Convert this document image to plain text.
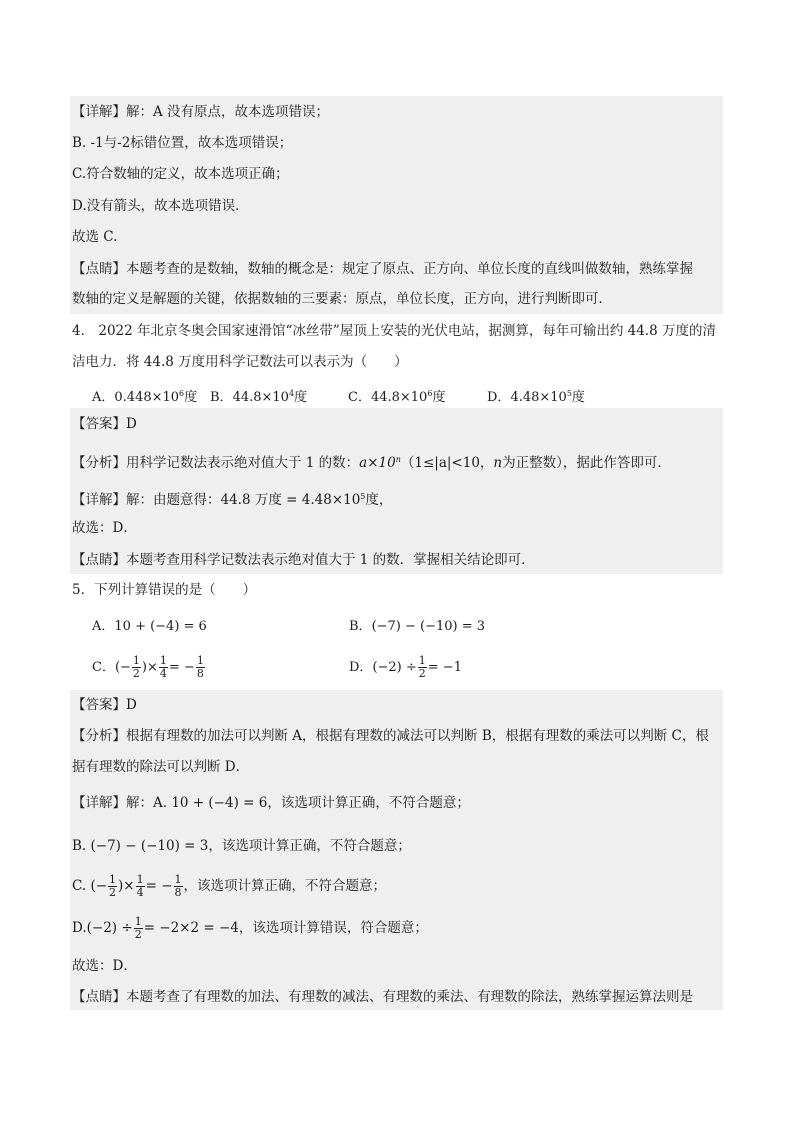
【详解】解：A 没有原点，故本选项错误；
B. -1与-2标错位置，故本选项错误；
C.符合数轴的定义，故本选项正确；
D.没有箭头，故本选项错误．
故选 C.
【点睛】本题考查的是数轴，数轴的概念是：规定了原点、正方向、单位长度的直线叫做数轴，熟练掌握
数轴的定义是解题的关键，依据数轴的三要素：原点，单位长度，正方向，进行判断即可．
4． 2022 年北京冬奥会国家速滑馆“冰丝带”屋顶上安装的光伏电站，据测算，每年可输出约 44.8 万度的清
洁电力．将 44.8 万度用科学记数法可以表示为（　　）
A．$0.448\times 10^6$度 B．$44.8\times 10^4$度	C．$44.8\times 10^6$度	D．$4.48\times 10^5$度
【答案】D
【分析】用科学记数法表示绝对值大于 1 的数：$a\times 10^n(1\le|a|<10$，n为正整数），据此作答即可．
【详解】解：由题意得：44.8 万度 = $4.48\times 10^5$度，
故选：D．
【点睛】本题考查用科学记数法表示绝对值大于 1 的数．掌握相关结论即可．
5．下列计算错误的是（　　）
A．10 + (−4) = 6	B．(−7) − (−10) = 3
C．(− $\frac{1}{2}$ )× $\frac{1}{4}$ = − $\frac{1}{8}$	D．$(-2) \div \frac{1}{2} = -1$
【答案】D
【分析】根据有理数的加法可以判断 A，根据有理数的减法可以判断 B，根据有理数的乘法可以判断 C，根
据有理数的除法可以判断 D．
【详解】解：A. 10 + (−4) = 6，该选项计算正确，不符合题意；
B. (−7) − (−10) = 3，该选项计算正确，不符合题意；
C. (− $\frac{1}{2}$ )× $\frac{1}{4}$ = − $\frac{1}{8}$ ，该选项计算正确，不符合题意；
$D.(-2) \div \frac{1}{2} = -2\times 2 = -4$，该选项计算错误，符合题意；
故选：D．
【点睛】本题考查了有理数的加法、有理数的减法、有理数的乘法、有理数的除法，熟练掌握运算法则是
